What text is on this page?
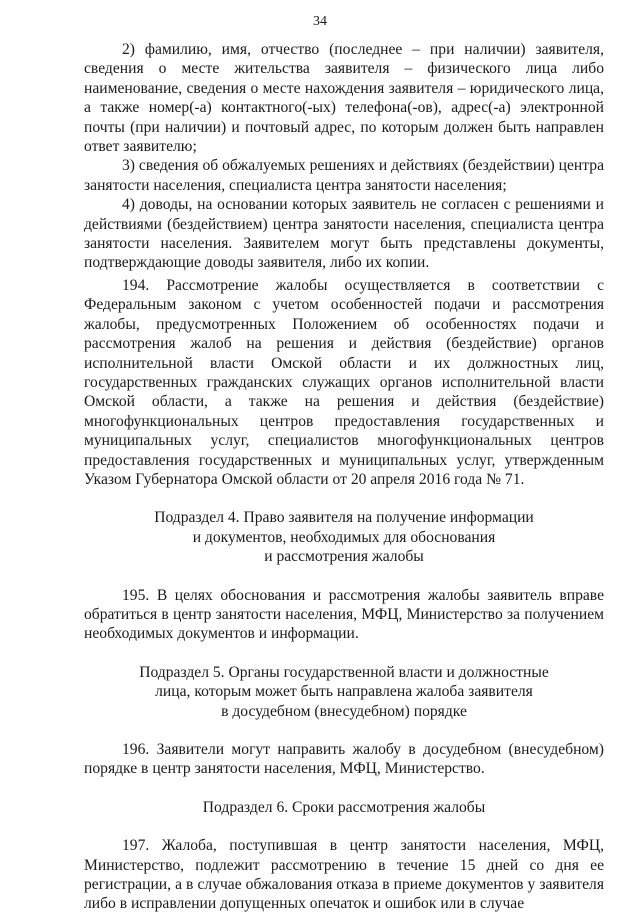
34

2) фамилию, имя, отчество (последнее – при наличии) заявителя, сведения о месте жительства заявителя – физического лица либо наименование, сведения о месте нахождения заявителя – юридического лица, а также номер(-а) контактного(-ых) телефона(-ов), адрес(-а) электронной почты (при наличии) и почтовый адрес, по которым должен быть направлен ответ заявителю;

3) сведения об обжалуемых решениях и действиях (бездействии) центра занятости населения, специалиста центра занятости населения;

4) доводы, на основании которых заявитель не согласен с решениями и действиями (бездействием) центра занятости населения, специалиста центра занятости населения. Заявителем могут быть представлены документы, подтверждающие доводы заявителя, либо их копии.

194. Рассмотрение жалобы осуществляется в соответствии с Федеральным законом с учетом особенностей подачи и рассмотрения жалобы, предусмотренных Положением об особенностях подачи и рассмотрения жалоб на решения и действия (бездействие) органов исполнительной власти Омской области и их должностных лиц, государственных гражданских служащих органов исполнительной власти Омской области, а также на решения и действия (бездействие) многофункциональных центров предоставления государственных и муниципальных услуг, специалистов многофункциональных центров предоставления государственных и муниципальных услуг, утвержденным Указом Губернатора Омской области от 20 апреля 2016 года № 71.

Подраздел 4. Право заявителя на получение информации
и документов, необходимых для обоснования
и рассмотрения жалобы

195. В целях обоснования и рассмотрения жалобы заявитель вправе обратиться в центр занятости населения, МФЦ, Министерство за получением необходимых документов и информации.

Подраздел 5. Органы государственной власти и должностные
лица, которым может быть направлена жалоба заявителя
в досудебном (внесудебном) порядке

196. Заявители могут направить жалобу в досудебном (внесудебном) порядке в центр занятости населения, МФЦ, Министерство.

Подраздел 6. Сроки рассмотрения жалобы

197. Жалоба, поступившая в центр занятости населения, МФЦ, Министерство, подлежит рассмотрению в течение 15 дней со дня ее регистрации, а в случае обжалования отказа в приеме документов у заявителя либо в исправлении допущенных опечаток и ошибок или в случае
